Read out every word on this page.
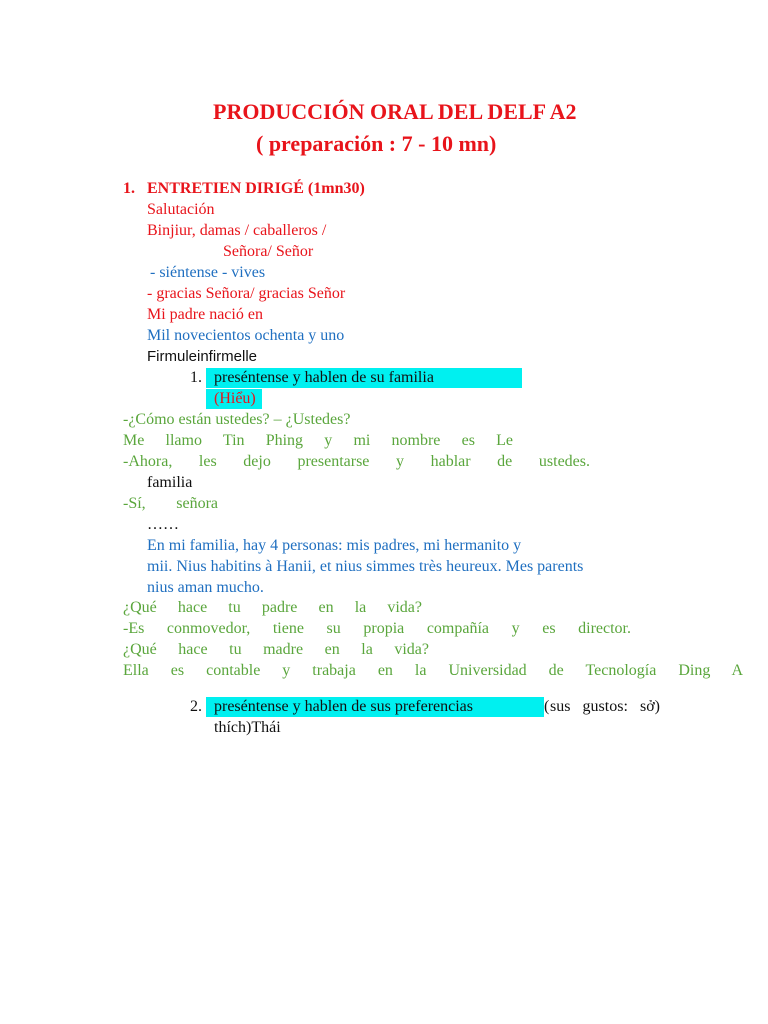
PRODUCCIÓN ORAL DEL DELF A2
( preparación : 7 - 10 mn)
1. ENTRETIEN DIRIGÉ (1mn30)
Salutación
Binjiur, damas / caballeros /
Señora/ Señor
- siéntense - vives
- gracias Señora/ gracias Señor
Mi padre nació en
Mil novecientos ochenta y uno
Firmuleinfirmelle
1. preséntense y hablen de su familia
(Hiểu)
-¿Cómo están ustedes? – ¿Ustedes?
Me llamo Tin Phing y mi nombre es Le
-Ahora, les dejo presentarse y hablar de ustedes.
familia
-Sí, señora
……
En mi familia, hay 4 personas: mis padres, mi hermanito y
mii. Nius habitins à Hanii, et nius simmes très heureux. Mes parents
nius aman mucho.
¿Qué hace tu padre en la vida?
-Es conmovedor, tiene su propia compañía y es director.
¿Qué hace tu madre en la vida?
Ella es contable y trabaja en la Universidad de Tecnología Ding A
2. preséntense y hablen de sus preferencias	( sus gustos: sở)
thích)Thái
